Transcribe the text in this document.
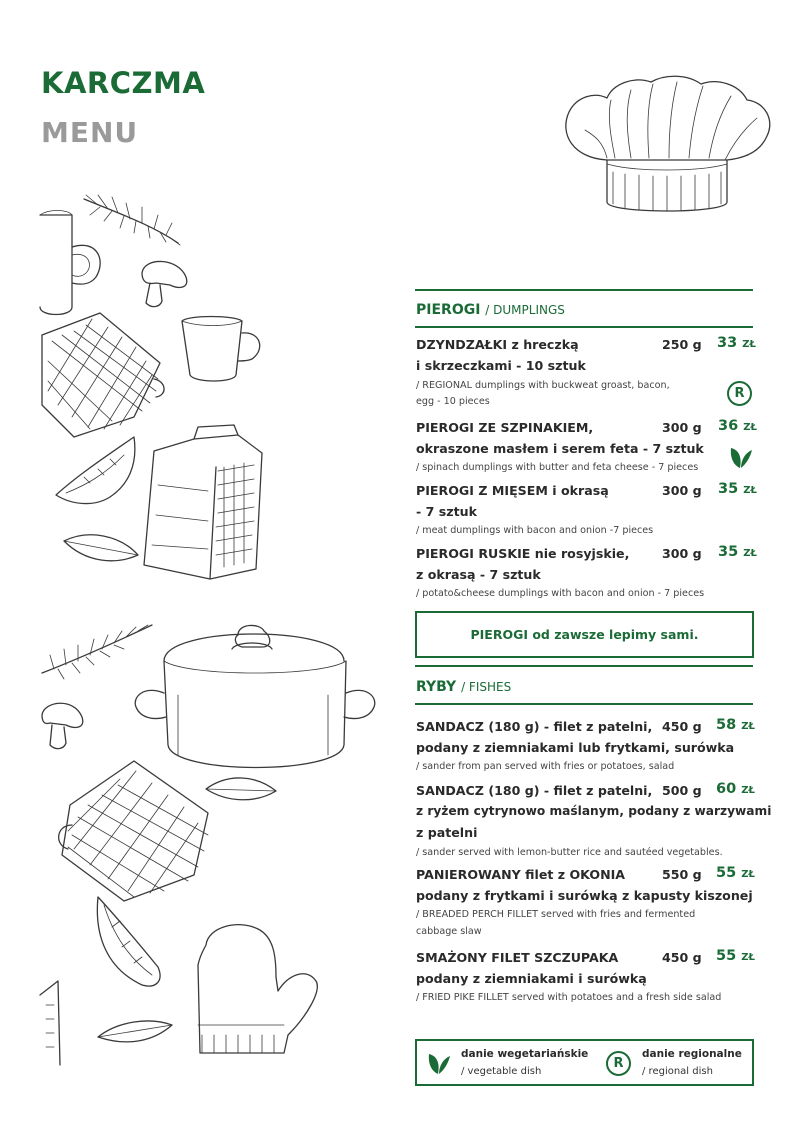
KARCZMA
MENU
PIEROGI / DUMPLINGS
DZYNDZAŁKI z hreczką	250 g 33 ZŁ
i skrzeczkami - 10 sztuk
/ REGIONAL dumplings with buckweat groast, bacon,
egg - 10 pieces
R
PIEROGI ZE SZPINAKIEM,	300 g 36 ZŁ
okraszone masłem i serem feta - 7 sztuk
/ spinach dumplings with butter and feta cheese - 7 pieces
PIEROGI Z MIĘSEM i okrasą	300 g 35 ZŁ
- 7 sztuk
/ meat dumplings with bacon and onion -7 pieces
PIEROGI RUSKIE nie rosyjskie,	300 g 35 ZŁ
z okrasą - 7 sztuk
/ potato&cheese dumplings with bacon and onion - 7 pieces
PIEROGI od zawsze lepimy sami.
RYBY / FISHES
SANDACZ (180 g) - filet z patelni, 450 g 58 ZŁ
podany z ziemniakami lub frytkami, surówka
/ sander from pan served with fries or potatoes, salad
SANDACZ (180 g) - filet z patelni, 500 g 60 ZŁ
z ryżem cytrynowo maślanym, podany z warzywami
z patelni
/ sander served with lemon-butter rice and sautéed vegetables.
PANIEROWANY filet z OKONIA	550 g 55 ZŁ
podany z frytkami i surówką z kapusty kiszonej
/ BREADED PERCH FILLET served with fries and fermented
cabbage slaw
SMAŻONY FILET SZCZUPAKA	450 g 55 ZŁ
podany z ziemniakami i surówką
/ FRIED PIKE FILLET served with potatoes and a fresh side salad
danie wegetariańskie
/ vegetable dish
R
danie regionalne
/ regional dish
